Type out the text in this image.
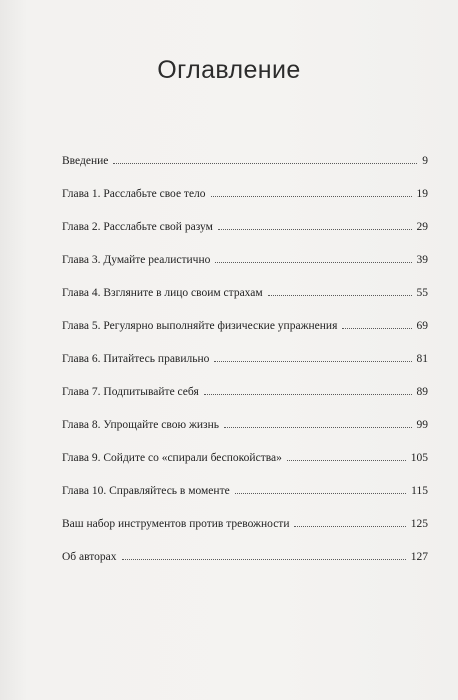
Оглавление
Введение	9
Глава 1. Расслабьте свое тело	19
Глава 2. Расслабьте свой разум	29
Глава 3. Думайте реалистично	39
Глава 4. Взгляните в лицо своим страхам	55
Глава 5. Регулярно выполняйте физические упражнения	69
Глава 6. Питайтесь правильно	81
Глава 7. Подпитывайте себя	89
Глава 8. Упрощайте свою жизнь	99
Глава 9. Сойдите со «спирали беспокойства»	105
Глава 10. Справляйтесь в моменте	115
Ваш набор инструментов против тревожности	125
Об авторах	127
